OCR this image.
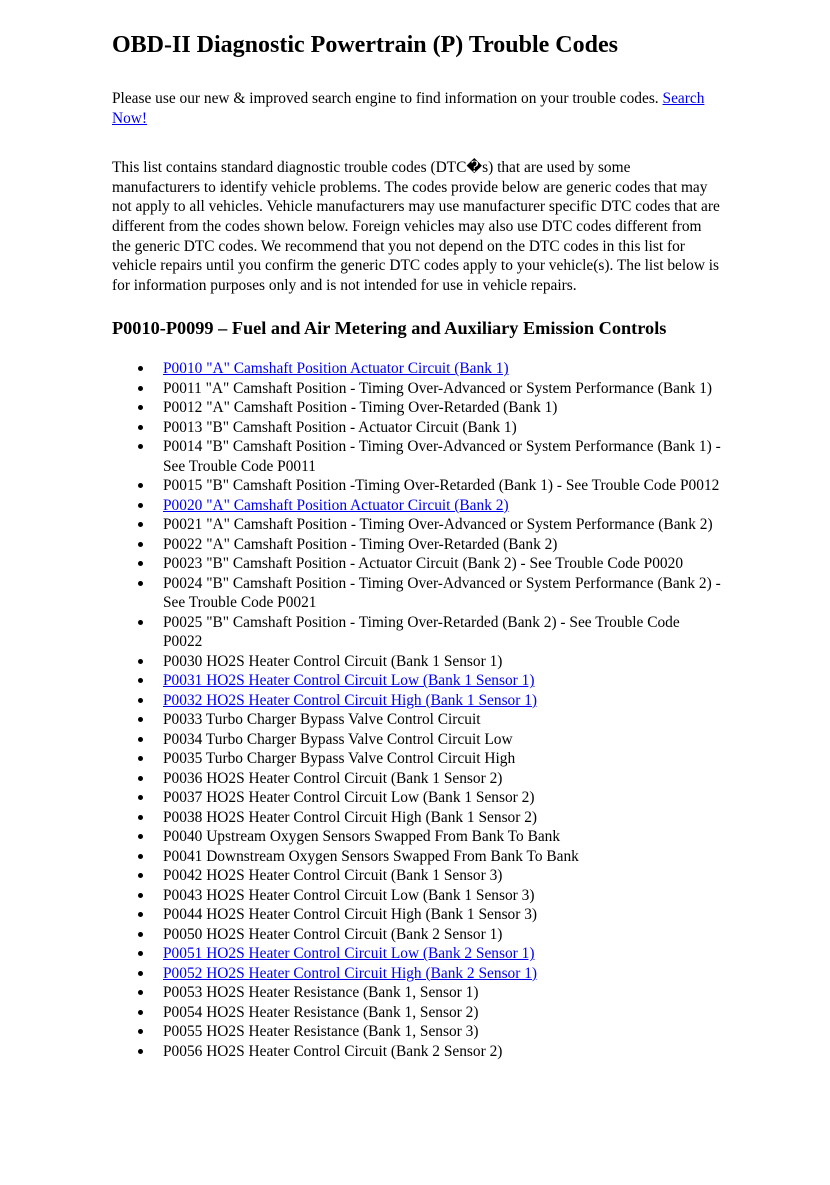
OBD-II Diagnostic Powertrain (P) Trouble Codes

Please use our new & improved search engine to find information on your trouble codes. Search Now!

This list contains standard diagnostic trouble codes (DTC�s) that are used by some manufacturers to identify vehicle problems. The codes provide below are generic codes that may not apply to all vehicles. Vehicle manufacturers may use manufacturer specific DTC codes that are different from the codes shown below. Foreign vehicles may also use DTC codes different from the generic DTC codes. We recommend that you not depend on the DTC codes in this list for vehicle repairs until you confirm the generic DTC codes apply to your vehicle(s). The list below is for information purposes only and is not intended for use in vehicle repairs.

P0010-P0099 – Fuel and Air Metering and Auxiliary Emission Controls
P0010 "A" Camshaft Position Actuator Circuit (Bank 1)
P0011 "A" Camshaft Position - Timing Over-Advanced or System Performance (Bank 1)
P0012 "A" Camshaft Position - Timing Over-Retarded (Bank 1)
P0013 "B" Camshaft Position - Actuator Circuit (Bank 1)
P0014 "B" Camshaft Position - Timing Over-Advanced or System Performance (Bank 1) - See Trouble Code P0011
P0015 "B" Camshaft Position -Timing Over-Retarded (Bank 1) - See Trouble Code P0012
P0020 "A" Camshaft Position Actuator Circuit (Bank 2)
P0021 "A" Camshaft Position - Timing Over-Advanced or System Performance (Bank 2)
P0022 "A" Camshaft Position - Timing Over-Retarded (Bank 2)
P0023 "B" Camshaft Position - Actuator Circuit (Bank 2) - See Trouble Code P0020
P0024 "B" Camshaft Position - Timing Over-Advanced or System Performance (Bank 2) - See Trouble Code P0021
P0025 "B" Camshaft Position - Timing Over-Retarded (Bank 2) - See Trouble Code P0022
P0030 HO2S Heater Control Circuit (Bank 1 Sensor 1)
P0031 HO2S Heater Control Circuit Low (Bank 1 Sensor 1)
P0032 HO2S Heater Control Circuit High (Bank 1 Sensor 1)
P0033 Turbo Charger Bypass Valve Control Circuit
P0034 Turbo Charger Bypass Valve Control Circuit Low
P0035 Turbo Charger Bypass Valve Control Circuit High
P0036 HO2S Heater Control Circuit (Bank 1 Sensor 2)
P0037 HO2S Heater Control Circuit Low (Bank 1 Sensor 2)
P0038 HO2S Heater Control Circuit High (Bank 1 Sensor 2)
P0040 Upstream Oxygen Sensors Swapped From Bank To Bank
P0041 Downstream Oxygen Sensors Swapped From Bank To Bank
P0042 HO2S Heater Control Circuit (Bank 1 Sensor 3)
P0043 HO2S Heater Control Circuit Low (Bank 1 Sensor 3)
P0044 HO2S Heater Control Circuit High (Bank 1 Sensor 3)
P0050 HO2S Heater Control Circuit (Bank 2 Sensor 1)
P0051 HO2S Heater Control Circuit Low (Bank 2 Sensor 1)
P0052 HO2S Heater Control Circuit High (Bank 2 Sensor 1)
P0053 HO2S Heater Resistance (Bank 1, Sensor 1)
P0054 HO2S Heater Resistance (Bank 1, Sensor 2)
P0055 HO2S Heater Resistance (Bank 1, Sensor 3)
P0056 HO2S Heater Control Circuit (Bank 2 Sensor 2)
